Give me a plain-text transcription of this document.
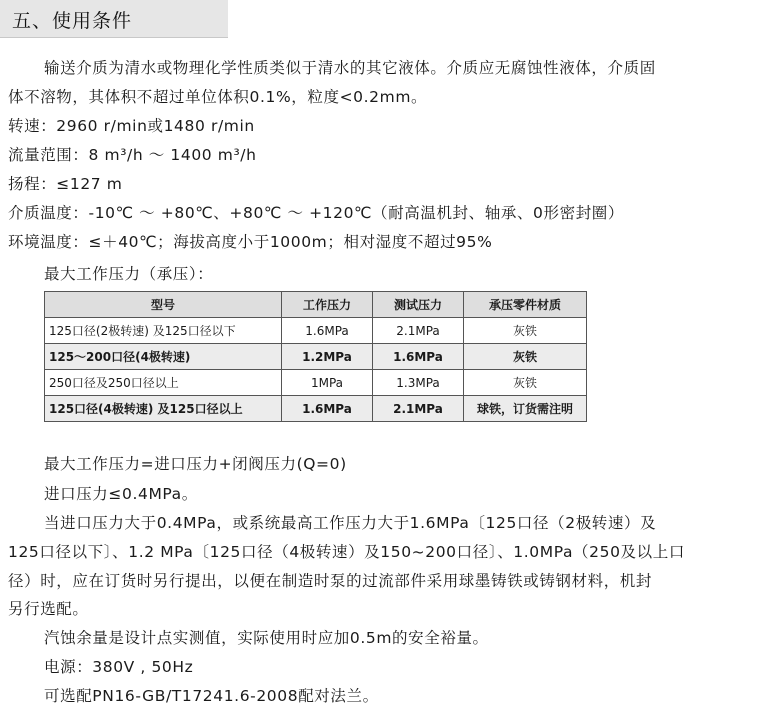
五、使用条件
输送介质为清水或物理化学性质类似于清水的其它液体。介质应无腐蚀性液体，介质固
体不溶物，其体积不超过单位体积0.1%，粒度<0.2mm。
转速：2960 r/min或1480 r/min
流量范围：8 m³/h ～ 1400 m³/h
扬程：≤127 m
介质温度：-10℃ ～ +80℃、+80℃ ～ +120℃（耐高温机封、轴承、0形密封圈）
环境温度：≤＋40℃；海拔高度小于1000m；相对湿度不超过95%
最大工作压力（承压）：
型号	工作压力	测试压力	承压零件材质
125口径(2极转速) 及125口径以下	1.6MPa	2.1MPa	灰铁
125～200口径(4极转速)	1.2MPa	1.6MPa	灰铁
250口径及250口径以上	1MPa	1.3MPa	灰铁
125口径(4极转速) 及125口径以上	1.6MPa	2.1MPa	球铁，订货需注明
最大工作压力=进口压力+闭阀压力(Q=0)
进口压力≤0.4MPa。
当进口压力大于0.4MPa，或系统最高工作压力大于1.6MPa〔125口径（2极转速）及
125口径以下〕、1.2 MPa〔125口径（4极转速）及150~200口径〕、1.0MPa（250及以上口
径）时，应在订货时另行提出，以便在制造时泵的过流部件采用球墨铸铁或铸钢材料，机封
另行选配。
汽蚀余量是设计点实测值，实际使用时应加0.5m的安全裕量。
电源：380V , 50Hz
可选配PN16-GB/T17241.6-2008配对法兰。
